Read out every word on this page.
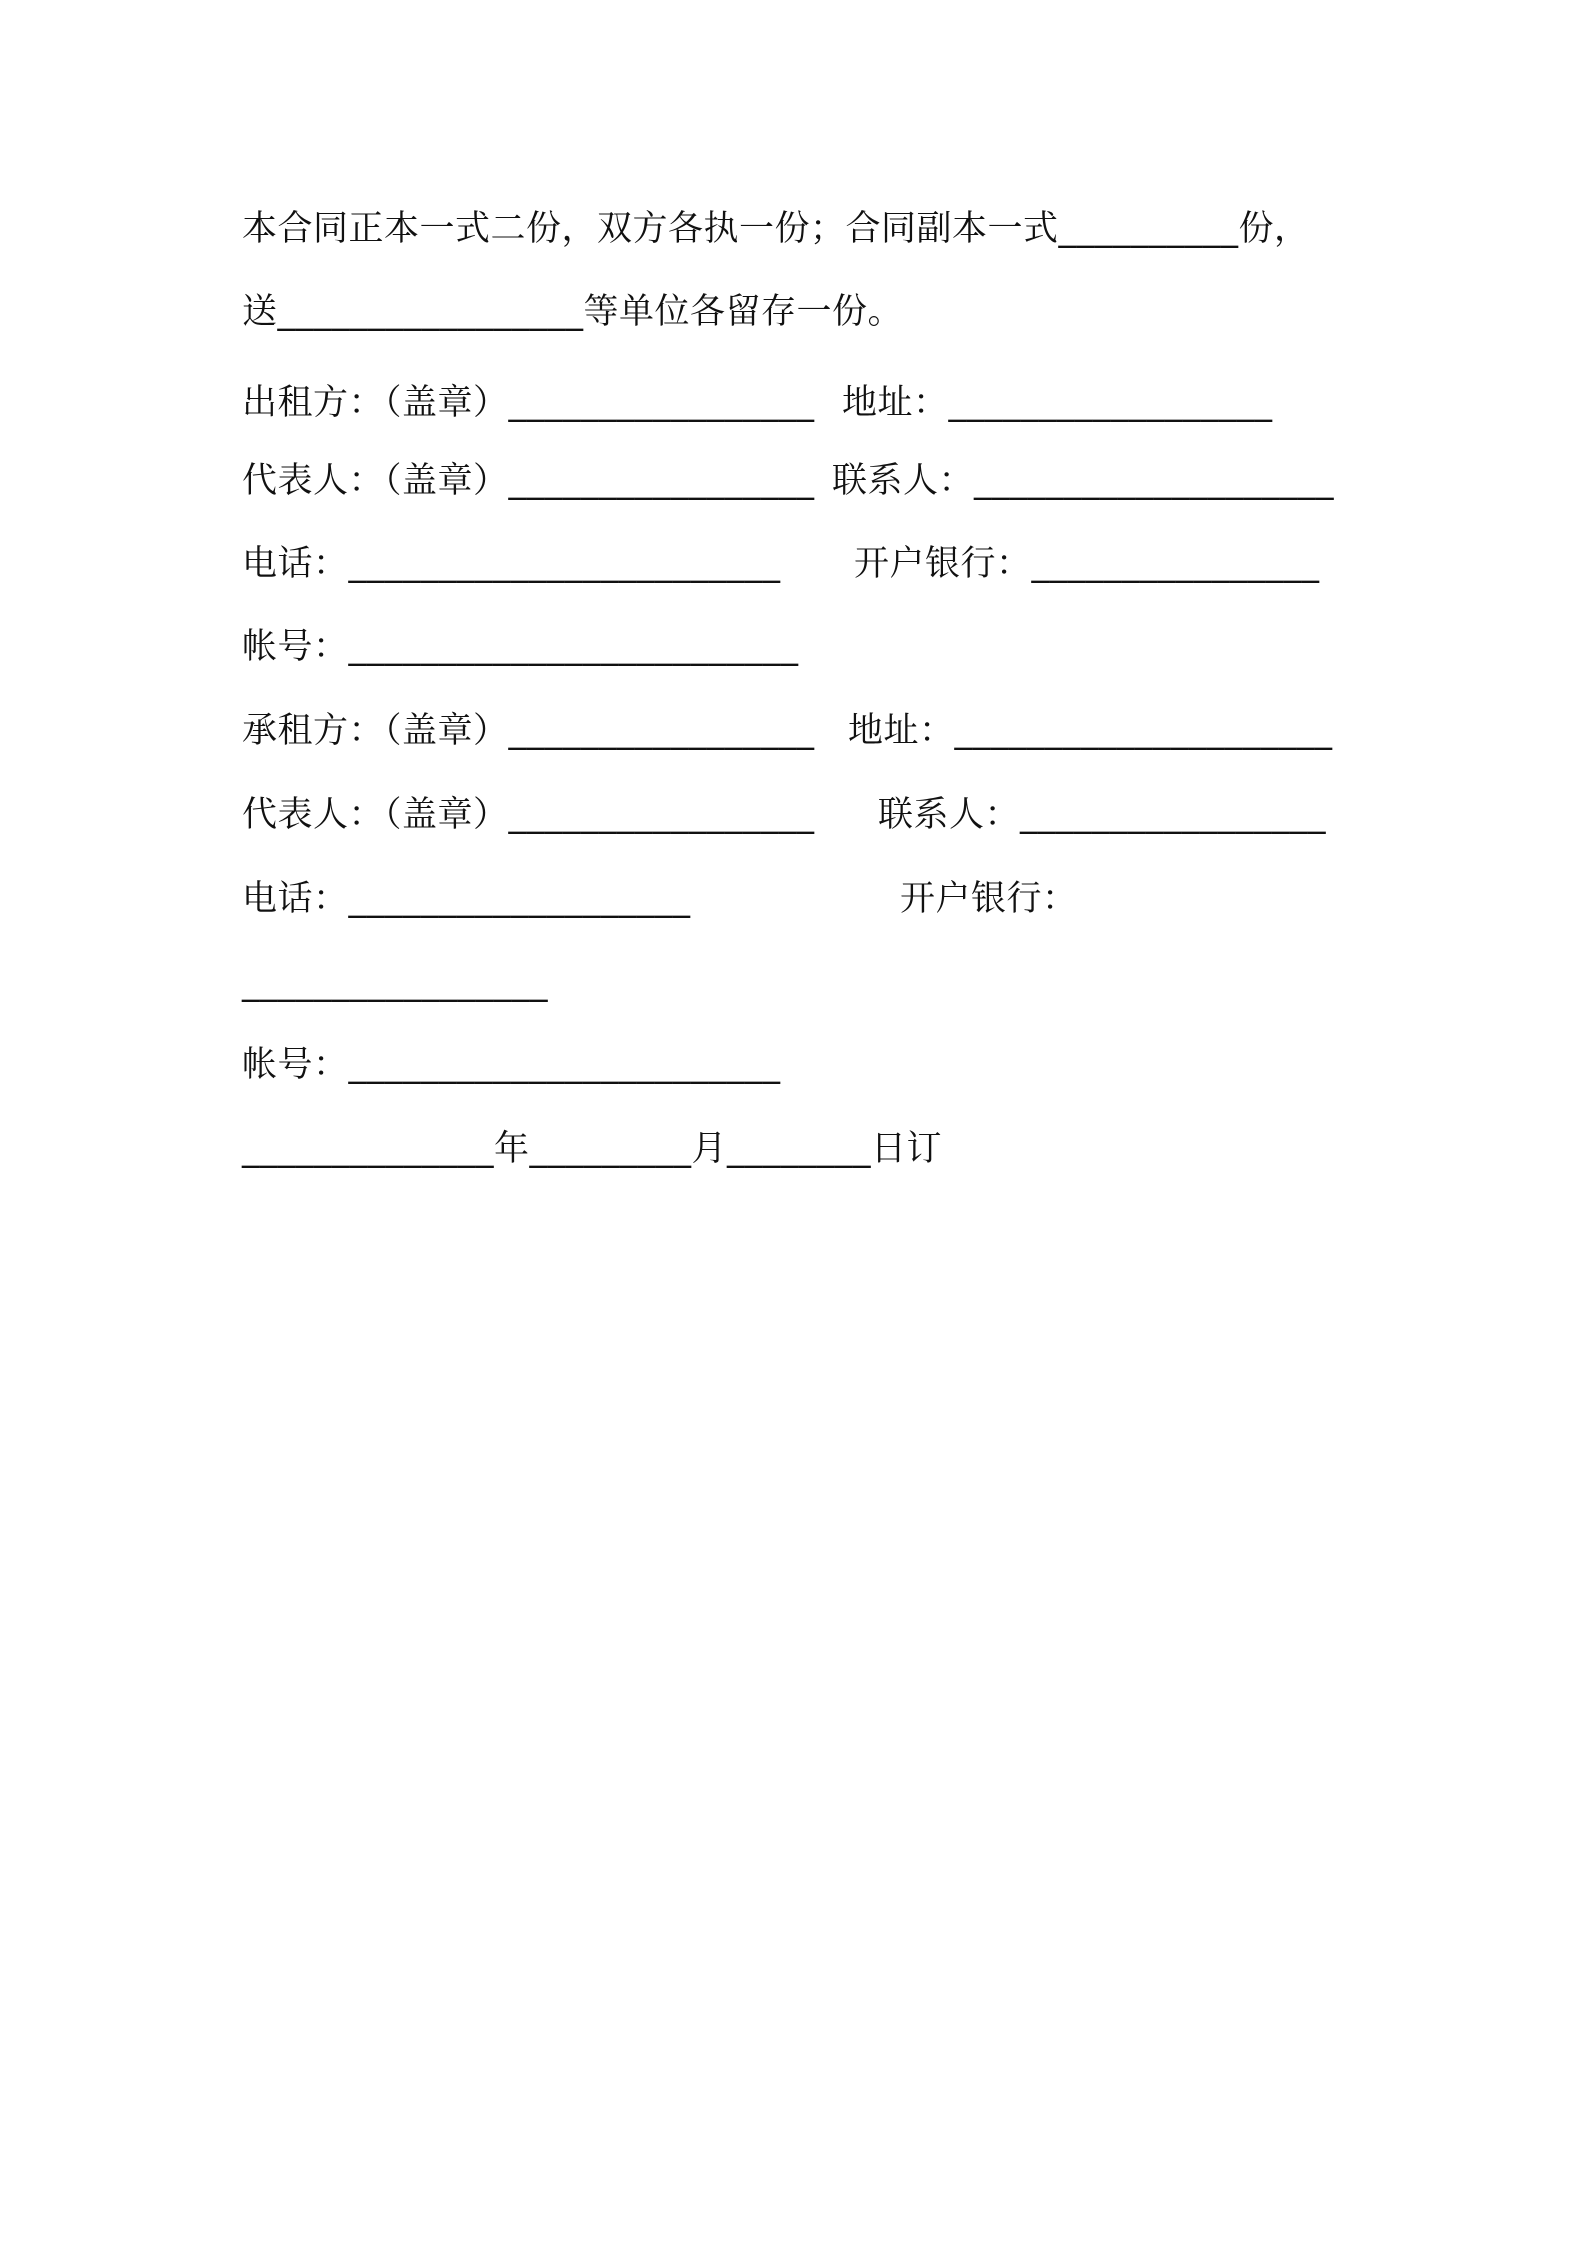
本合同正本一式二份，双方各执一份；合同副本一式__________份，

送_________________等单位各留存一份。

出租方：（盖章）_________________

地址：__________________

代表人：（盖章）_________________

联系人：____________________

电话：________________________

开户银行：________________

帐号：_________________________

承租方：（盖章）_________________

地址：_____________________

代表人：（盖章）_________________

联系人：_________________

电话：___________________

	开户银行：

_________________

帐号：________________________

______________年_________月________日订
